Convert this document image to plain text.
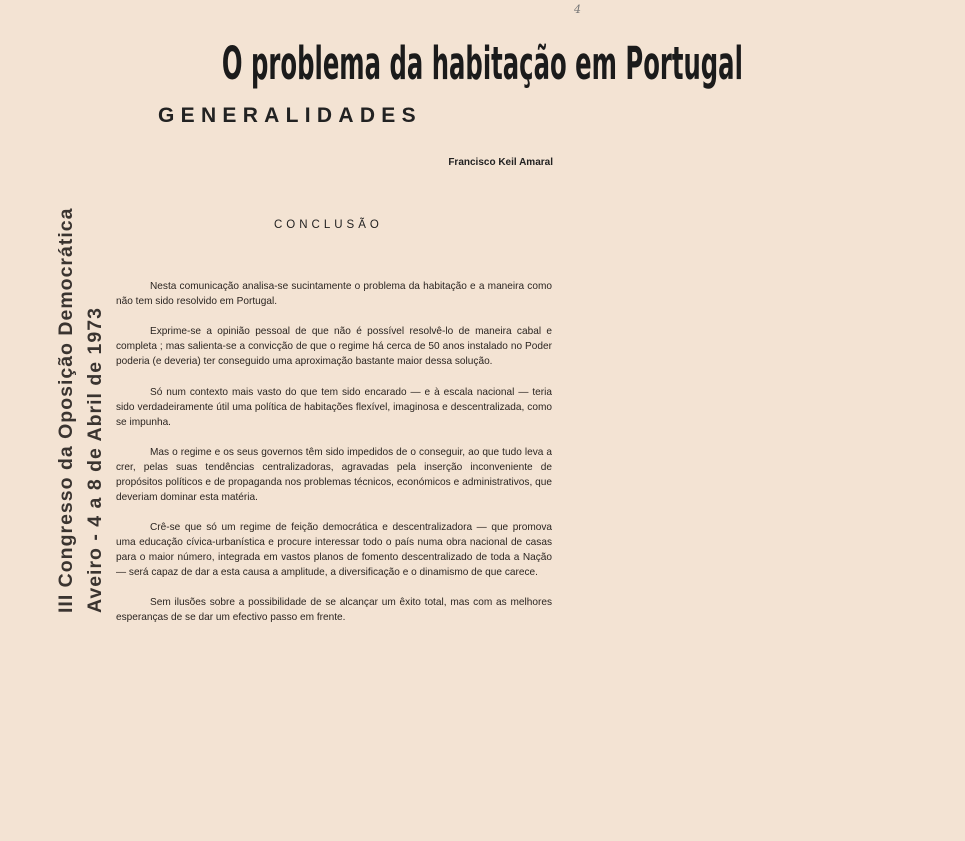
4
O problema da habitação em Portugal
GENERALIDADES
Francisco Keil Amaral
CONCLUSÃO
III Congresso da Oposição Democrática Aveiro - 4 a 8 de Abril de 1973

Nesta comunicação analisa-se sucintamente o problema da habitação e a maneira como não tem sido resolvido em Portugal.

Exprime-se a opinião pessoal de que não é possível resolvê-lo de maneira cabal e completa ; mas salienta-se a convicção de que o regime há cerca de 50 anos instalado no Poder poderia (e deveria) ter conseguido uma aproximação bastante maior dessa solução.

Só num contexto mais vasto do que tem sido encarado — e à escala nacional — teria sido verdadeiramente útil uma política de habitações flexível, imaginosa e descentralizada, como se impunha.

Mas o regime e os seus governos têm sido impedidos de o conseguir, ao que tudo leva a crer, pelas suas tendências centralizadoras, agravadas pela inserção inconveniente de propósitos políticos e de propaganda nos problemas técnicos, económicos e administrativos, que deveriam dominar esta matéria.

Crê-se que só um regime de feição democrática e descentralizadora — que promova uma educação cívica-urbanística e procure interessar todo o país numa obra nacional de casas para o maior número, integrada em vastos planos de fomento descentralizado de toda a Nação — será capaz de dar a esta causa a amplitude, a diversificação e o dinamismo de que carece.

Sem ilusões sobre a possibilidade de se alcançar um êxito total, mas com as melhores esperanças de se dar um efectivo passo em frente.
